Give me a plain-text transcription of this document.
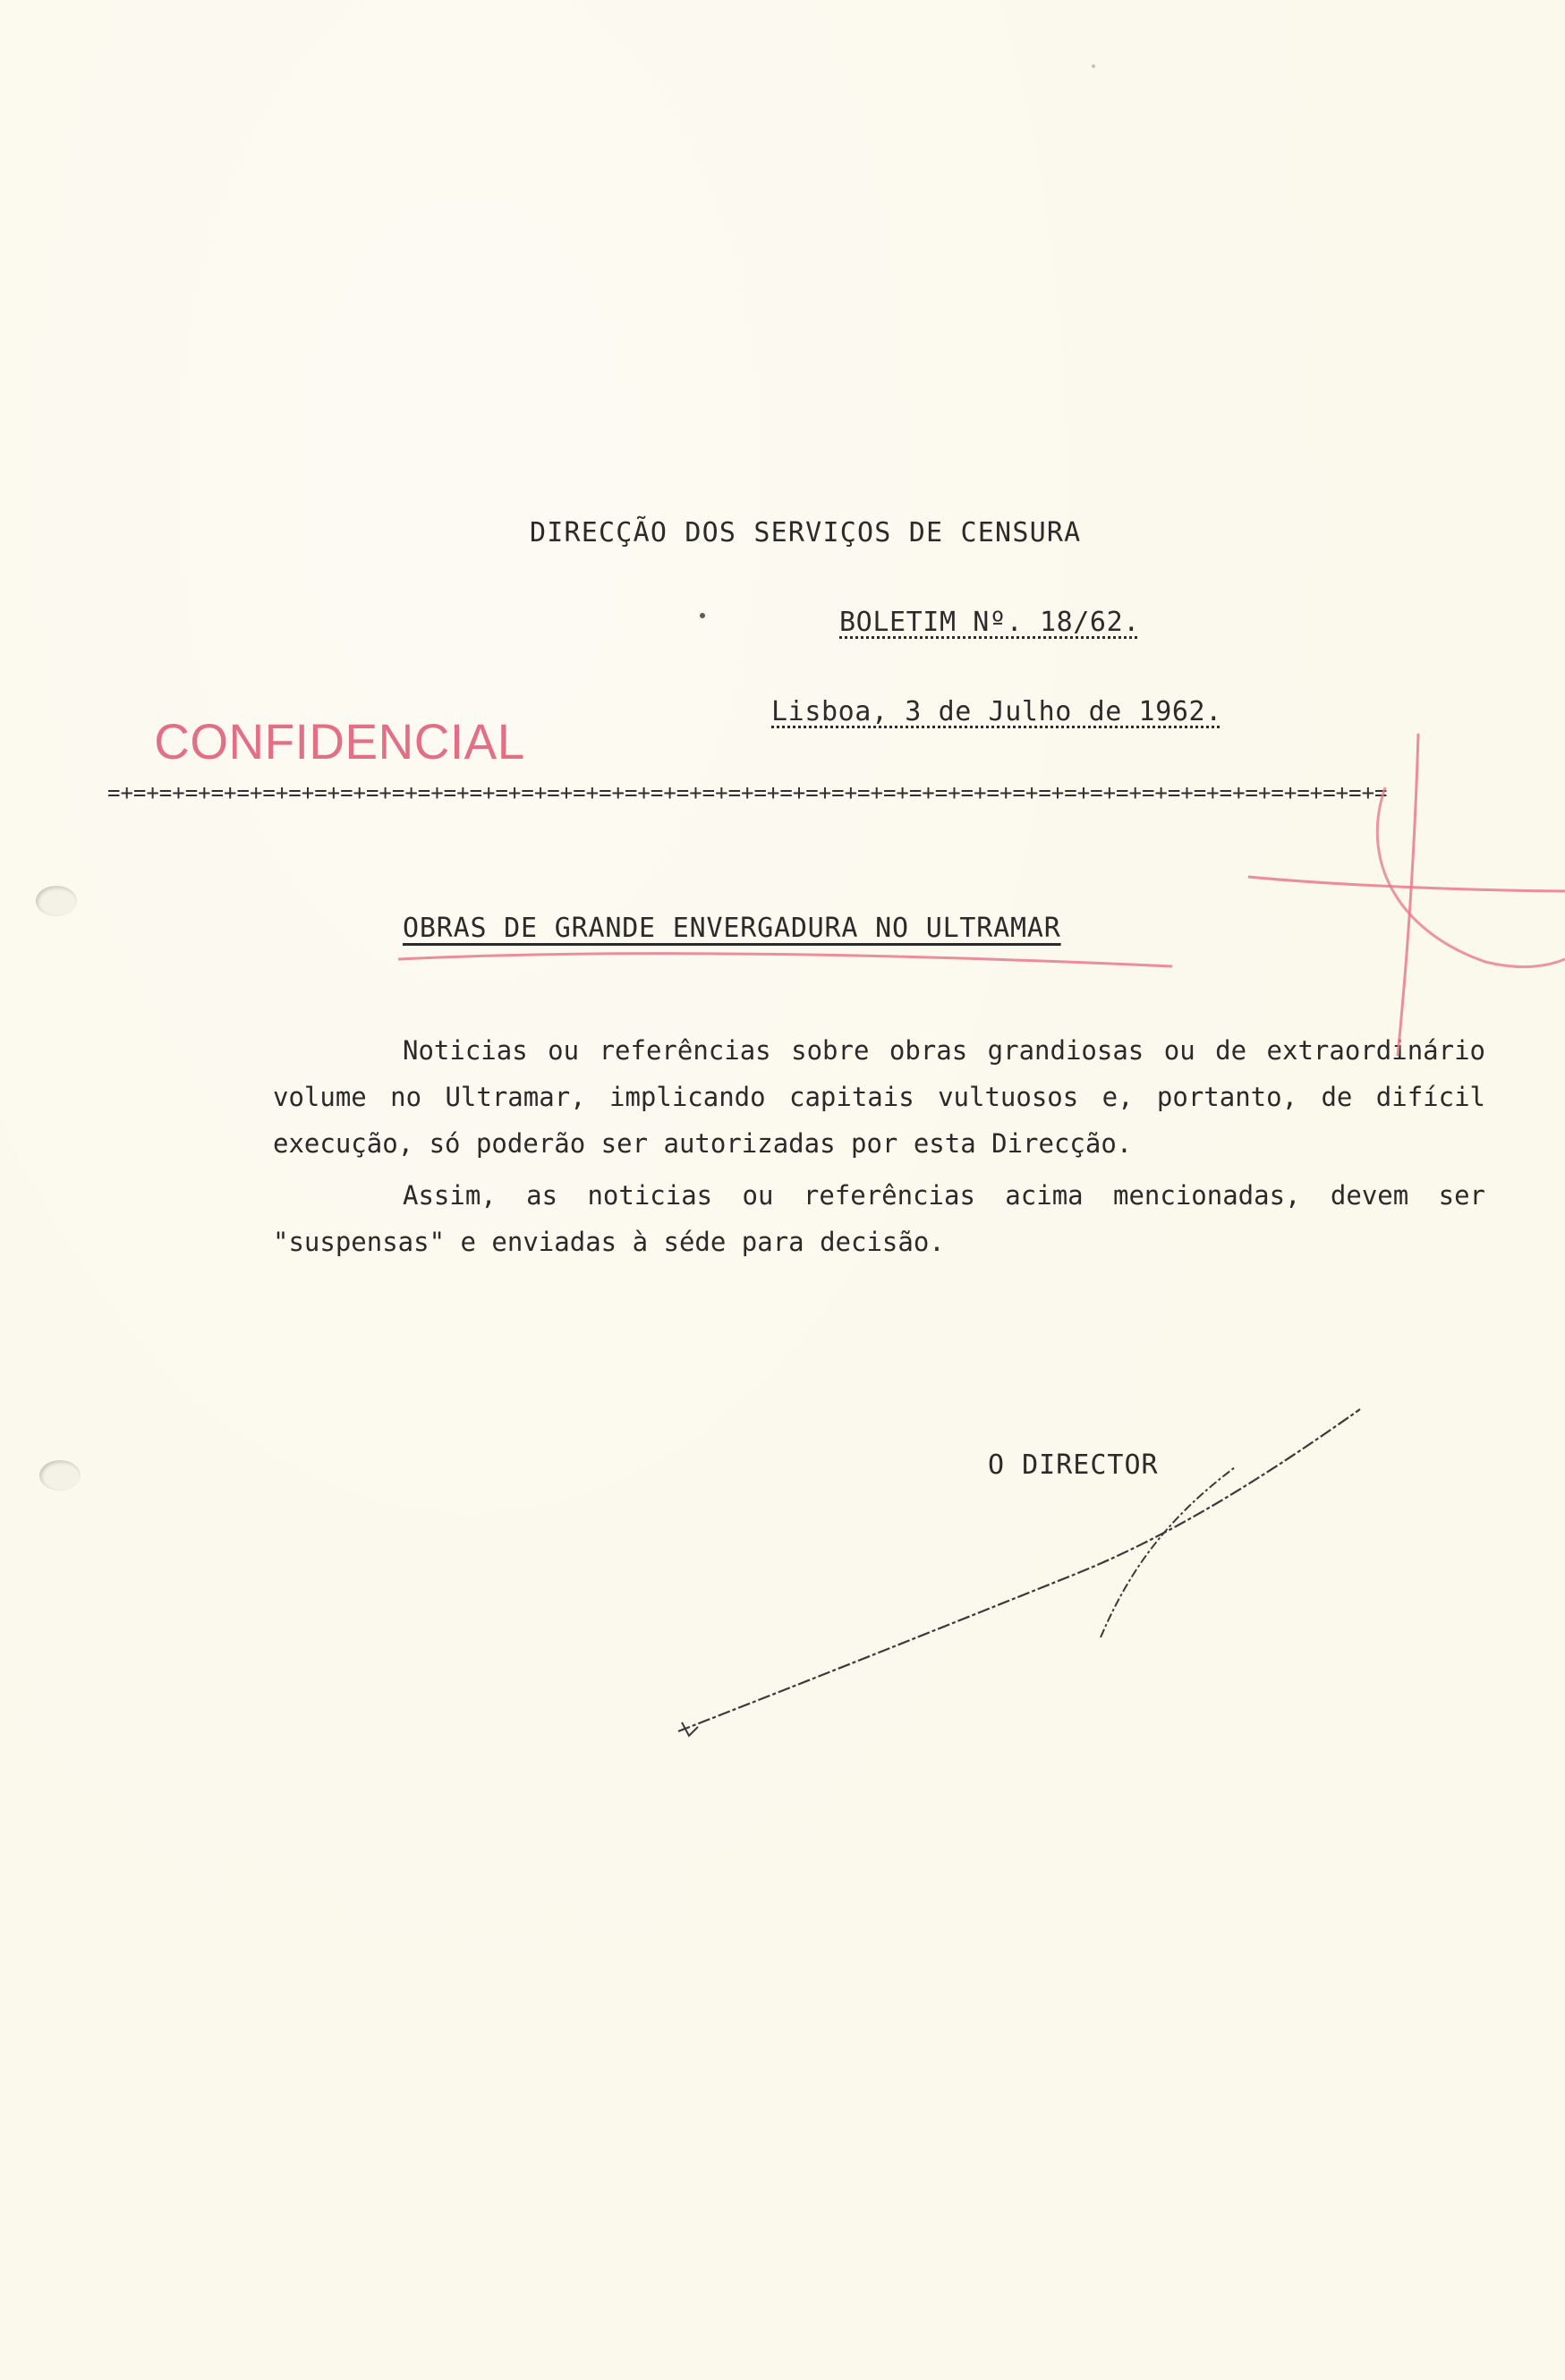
DIRECÇÃO DOS SERVIÇOS DE CENSURA
BOLETIM Nº. 18/62.
Lisboa, 3 de Julho de 1962.
CONFIDENCIAL
=+=+=+=+=+=+=+=+=+=+=+=+=+=+=+=+=+=+=+=+=+=+=+=+=+=+=+=+=+=+=+=+=+=+=+=+=+=+=+=+=+=+=+=+=+=+=+=+=+=
OBRAS DE GRANDE ENVERGADURA NO ULTRAMAR

Noticias ou referências sobre obras grandiosas ou de extraordinário volume no Ultramar, implicando capitais vultuosos e, portanto, de difícil execução, só poderão ser autorizadas por esta Direcção.

Assim, as noticias ou referências acima mencionadas, devem ser "suspensas" e enviadas à séde para decisão.

O DIRECTOR
